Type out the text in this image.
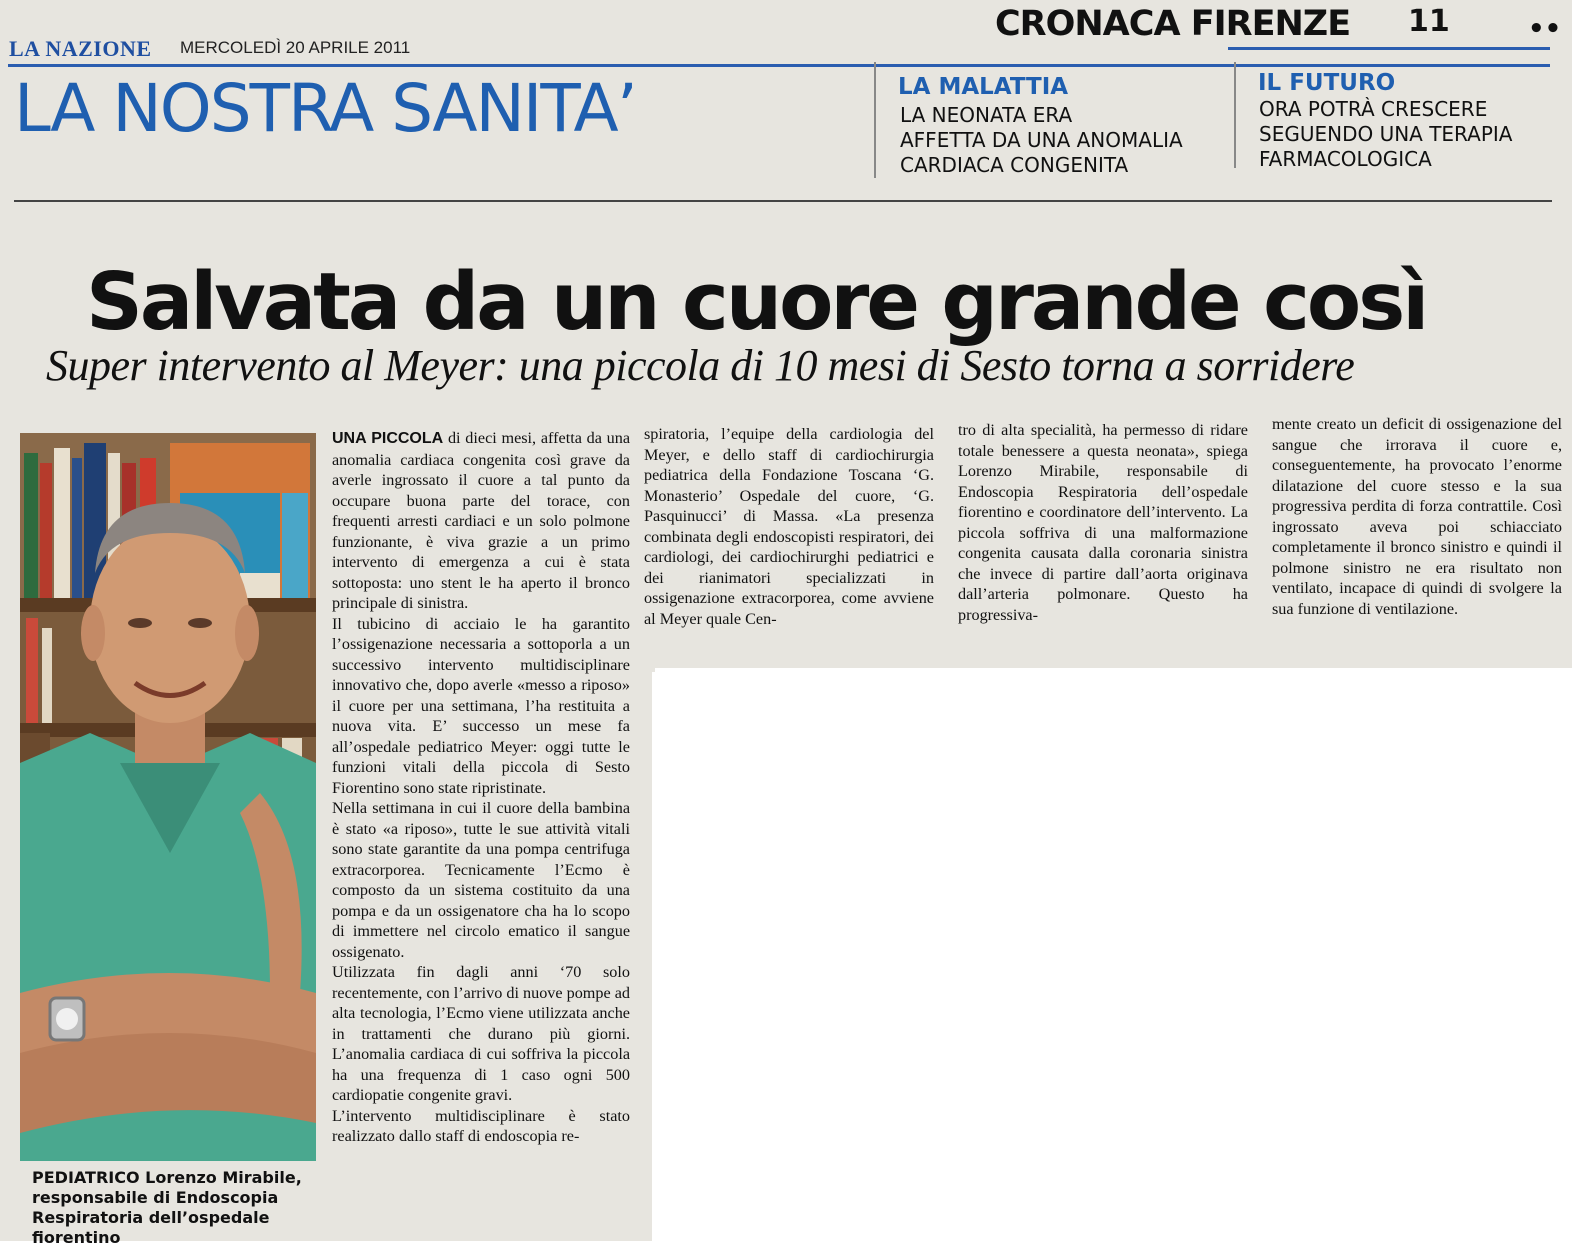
LA NAZIONE MERCOLEDÌ 20 APRILE 2011
CRONACA FIRENZE 11	••
LA NOSTRA SANITA’	LA MALATTIA
LA NEONATA ERA
AFFETTA DA UNA ANOMALIA
CARDIACA CONGENITA
IL FUTURO
ORA POTRÀ CRESCERE
SEGUENDO UNA TERAPIA
FARMACOLOGICA
Salvata da un cuore grande così
Super intervento al Meyer: una piccola di 10 mesi di Sesto torna a sorridere
PEDIATRICO Lorenzo Mirabile, responsabile di Endoscopia Respiratoria dell’ospedale fiorentino

UNA PICCOLA di dieci mesi, affetta da una anomalia cardiaca congenita così grave da averle ingrossato il cuore a tal punto da occupare buona parte del torace, con frequenti arresti cardiaci e un solo polmone funzionante, è viva grazie a un primo intervento di emergenza a cui è stata sottoposta: uno stent le ha aperto il bronco principale di sinistra.

Il tubicino di acciaio le ha garantito l’ossigenazione necessaria a sottoporla a un successivo intervento multidisciplinare innovativo che, dopo averle «messo a riposo» il cuore per una settimana, l’ha restituita a nuova vita. E’ successo un mese fa all’ospedale pediatrico Meyer: oggi tutte le funzioni vitali della piccola di Sesto Fiorentino sono state ripristinate.

Nella settimana in cui il cuore della bambina è stato «a riposo», tutte le sue attività vitali sono state garantite da una pompa centrifuga extracorporea. Tecnicamente l’Ecmo è composto da un sistema costituito da una pompa e da un ossigenatore cha ha lo scopo di immettere nel circolo ematico il sangue ossigenato.

Utilizzata fin dagli anni ‘70 solo recentemente, con l’arrivo di nuove pompe ad alta tecnologia, l’Ecmo viene utilizzata anche in trattamenti che durano più giorni. L’anomalia cardiaca di cui soffriva la piccola ha una frequenza di 1 caso ogni 500 cardiopatie congenite gravi.

L’intervento multidisciplinare è stato realizzato dallo staff di endoscopia re-

spiratoria, l’equipe della cardiologia del Meyer, e dello staff di cardiochirurgia pediatrica della Fondazione Toscana ‘G. Monasterio’ Ospedale del cuore, ‘G. Pasquinucci’ di Massa. «La presenza combinata degli endoscopisti respiratori, dei cardiologi, dei cardiochirurghi pediatrici e dei rianimatori specializzati in ossigenazione extracorporea, come avviene al Meyer quale Cen-

tro di alta specialità, ha permesso di ridare totale benessere a questa neonata», spiega Lorenzo Mirabile, responsabile di Endoscopia Respiratoria dell’ospedale fiorentino e coordinatore dell’intervento. La piccola soffriva di una malformazione congenita causata dalla coronaria sinistra che invece di partire dall’aorta originava dall’arteria polmonare. Questo ha progressiva-

mente creato un deficit di ossigenazione del sangue che irrorava il cuore e, conseguentemente, ha provocato l’enorme dilatazione del cuore stesso e la sua progressiva perdita di forza contrattile. Così ingrossato aveva poi schiacciato completamente il bronco sinistro e quindi il polmone sinistro ne era risultato non ventilato, incapace di quindi di svolgere la sua funzione di ventilazione.
